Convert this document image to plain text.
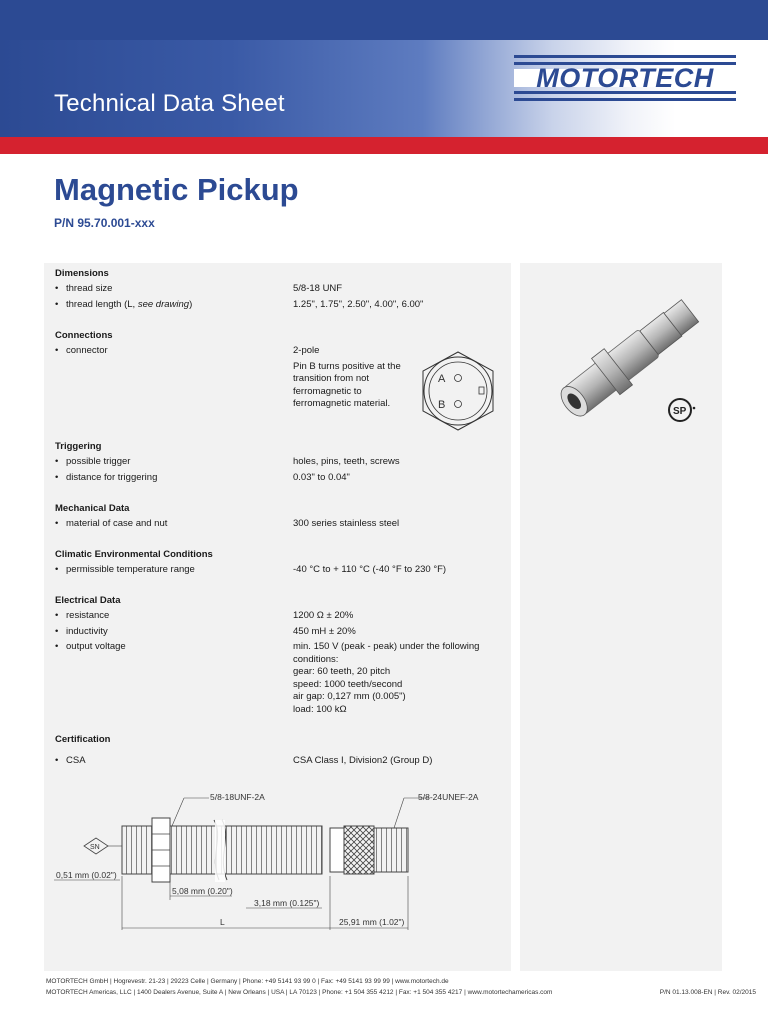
Technical Data Sheet
MOTORTECH
Magnetic Pickup
P/N 95.70.001-xxx
Dimensions
• thread size	5/8-18 UNF
• thread length (L, see drawing)	1.25", 1.75", 2.50", 4.00", 6.00"
Connections
• connector	2-pole
Pin B turns positive at the
transition from not
ferromagnetic to
ferromagnetic material.
A
B
Triggering
• possible trigger	holes, pins, teeth, screws
• distance for triggering	0.03" to 0.04"
Mechanical Data
• material of case and nut	300 series stainless steel
Climatic Environmental Conditions
• permissible temperature range	-40 °C to + 110 °C (-40 °F to 230 °F)
Electrical Data
• resistance	1200 Ω ± 20%
• inductivity	450 mH ± 20%
• output voltage	min. 150 V (peak - peak) under the following
conditions:
gear: 60 teeth, 20 pitch
speed: 1000 teeth/second
air gap: 0,127 mm (0.005")
load: 100 kΩ
Certification
• CSA	CSA Class I, Division2 (Group D)
5/8-18UNF-2A	5/8-24UNEF-2A
SN
0,51 mm (0.02")
5,08 mm (0.20")
3,18 mm (0.125")
L	25,91 mm (1.02")
SP
MOTORTECH GmbH | Hogrevestr. 21-23 | 29223 Celle | Germany | Phone: +49 5141 93 99 0 | Fax: +49 5141 93 99 99 | www.motortech.de
MOTORTECH Americas, LLC | 1400 Dealers Avenue, Suite A | New Orleans | USA | LA 70123 | Phone: +1 504 355 4212 | Fax: +1 504 355 4217 | www.motortechamericas.com	P/N 01.13.008-EN | Rev. 02/2015
